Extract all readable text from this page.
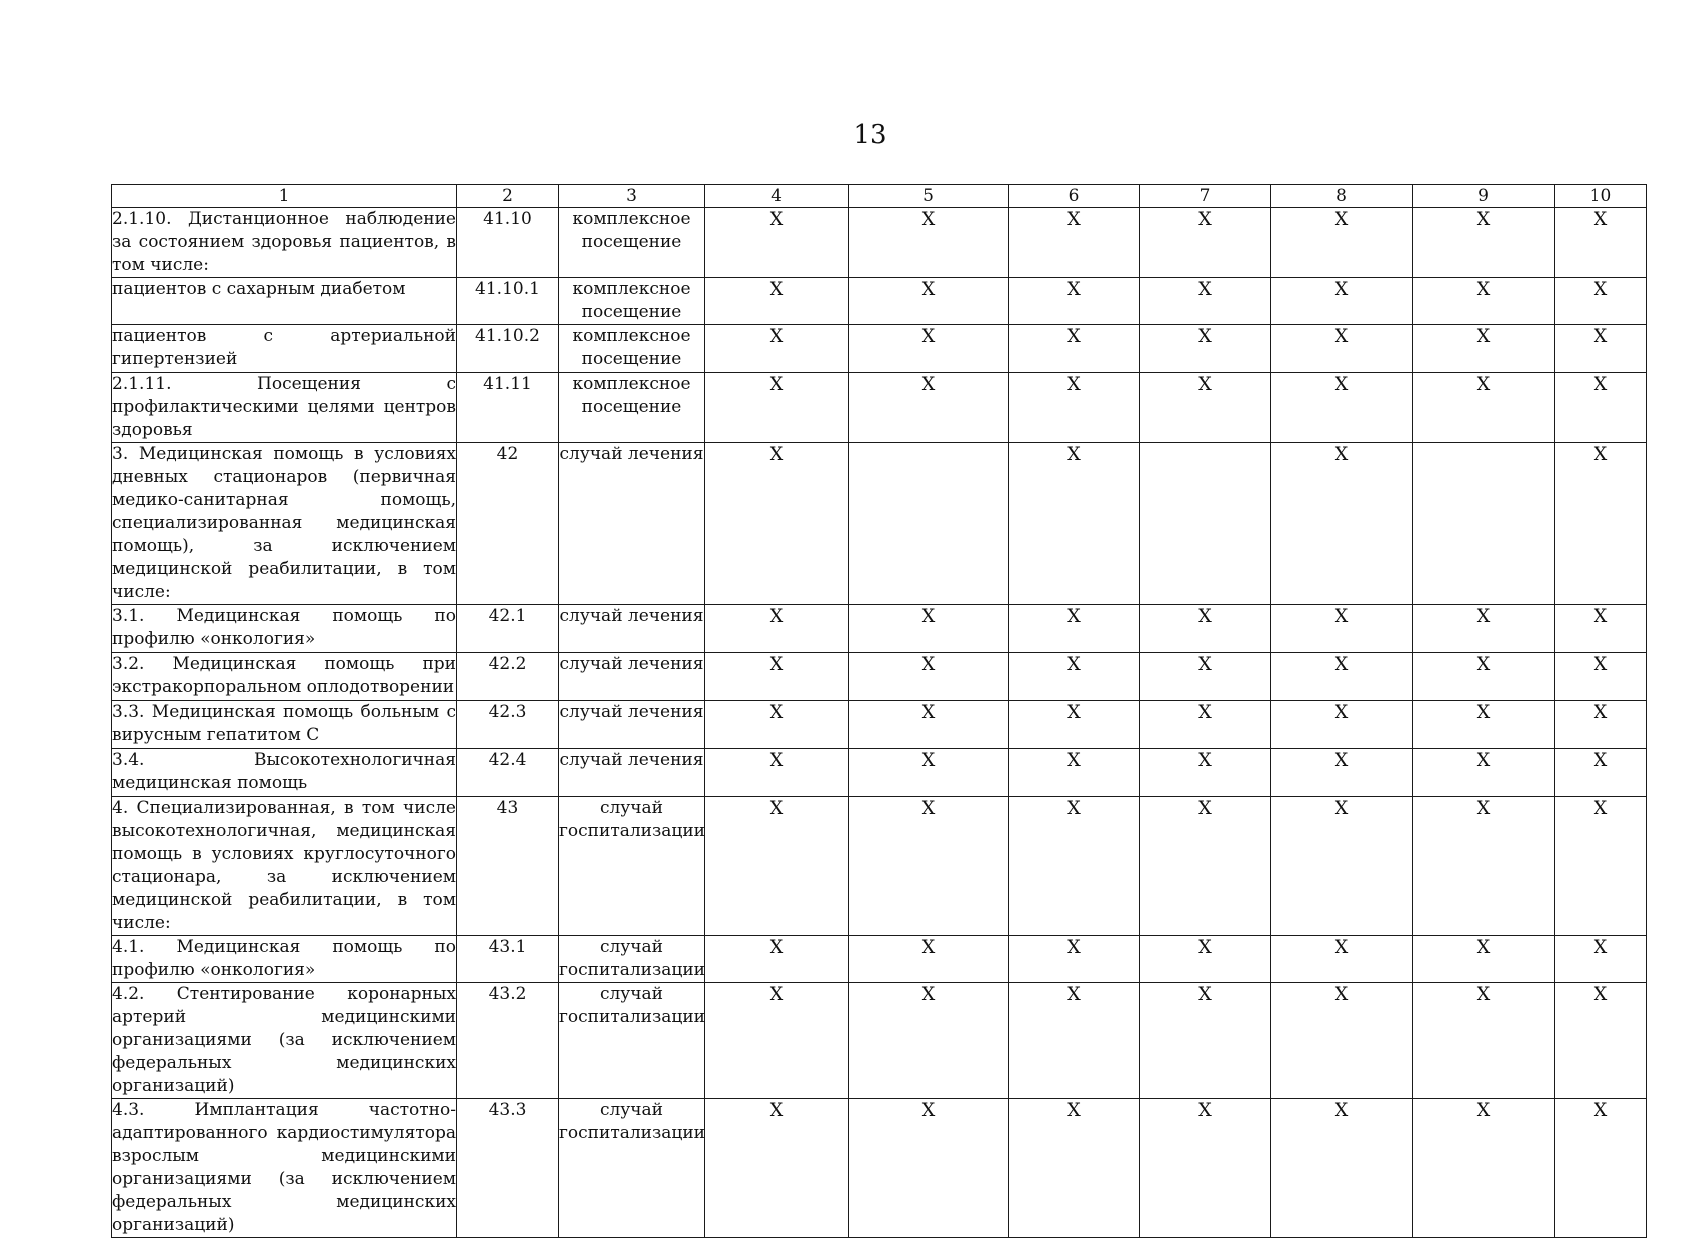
13
1	2	3	4	5	6	7	8	9	10
2.1.10. Дистанционное наблюдение за состоянием здоровья пациентов, в том числе:	41.10	комплексное посещение	X	X	X	X	X	X	X
пациентов с сахарным диабетом	41.10.1	комплексное посещение	X	X	X	X	X	X	X
пациентов с артериальной гипертензией	41.10.2	комплексное посещение	X	X	X	X	X	X	X
2.1.11. Посещения с профилактическими целями центров здоровья	41.11	комплексное посещение	X	X	X	X	X	X	X
3. Медицинская помощь в условиях дневных стационаров (первичная медико-санитарная помощь, специализированная медицинская помощь), за исключением медицинской реабилитации, в том числе:	42	случай лечения	X		X		X		X
3.1. Медицинская помощь по профилю «онкология»	42.1	случай лечения	X	X	X	X	X	X	X
3.2. Медицинская помощь при экстракорпоральном оплодотворении	42.2	случай лечения	X	X	X	X	X	X	X
3.3. Медицинская помощь больным с вирусным гепатитом С	42.3	случай лечения	X	X	X	X	X	X	X
3.4. Высокотехнологичная медицинская помощь	42.4	случай лечения	X	X	X	X	X	X	X
4. Специализированная, в том числе высокотехнологичная, медицинская помощь в условиях круглосуточного стационара, за исключением медицинской реабилитации, в том числе:	43	случай госпитализации	X	X	X	X	X	X	X
4.1. Медицинская помощь по профилю «онкология»	43.1	случай госпитализации	X	X	X	X	X	X	X
4.2. Стентирование коронарных артерий медицинскими организациями (за исключением федеральных медицинских организаций)	43.2	случай госпитализации	X	X	X	X	X	X	X
4.3. Имплантация частотно-адаптированного кардиостимулятора взрослым медицинскими организациями (за исключением федеральных медицинских организаций)	43.3	случай госпитализации	X	X	X	X	X	X	X
